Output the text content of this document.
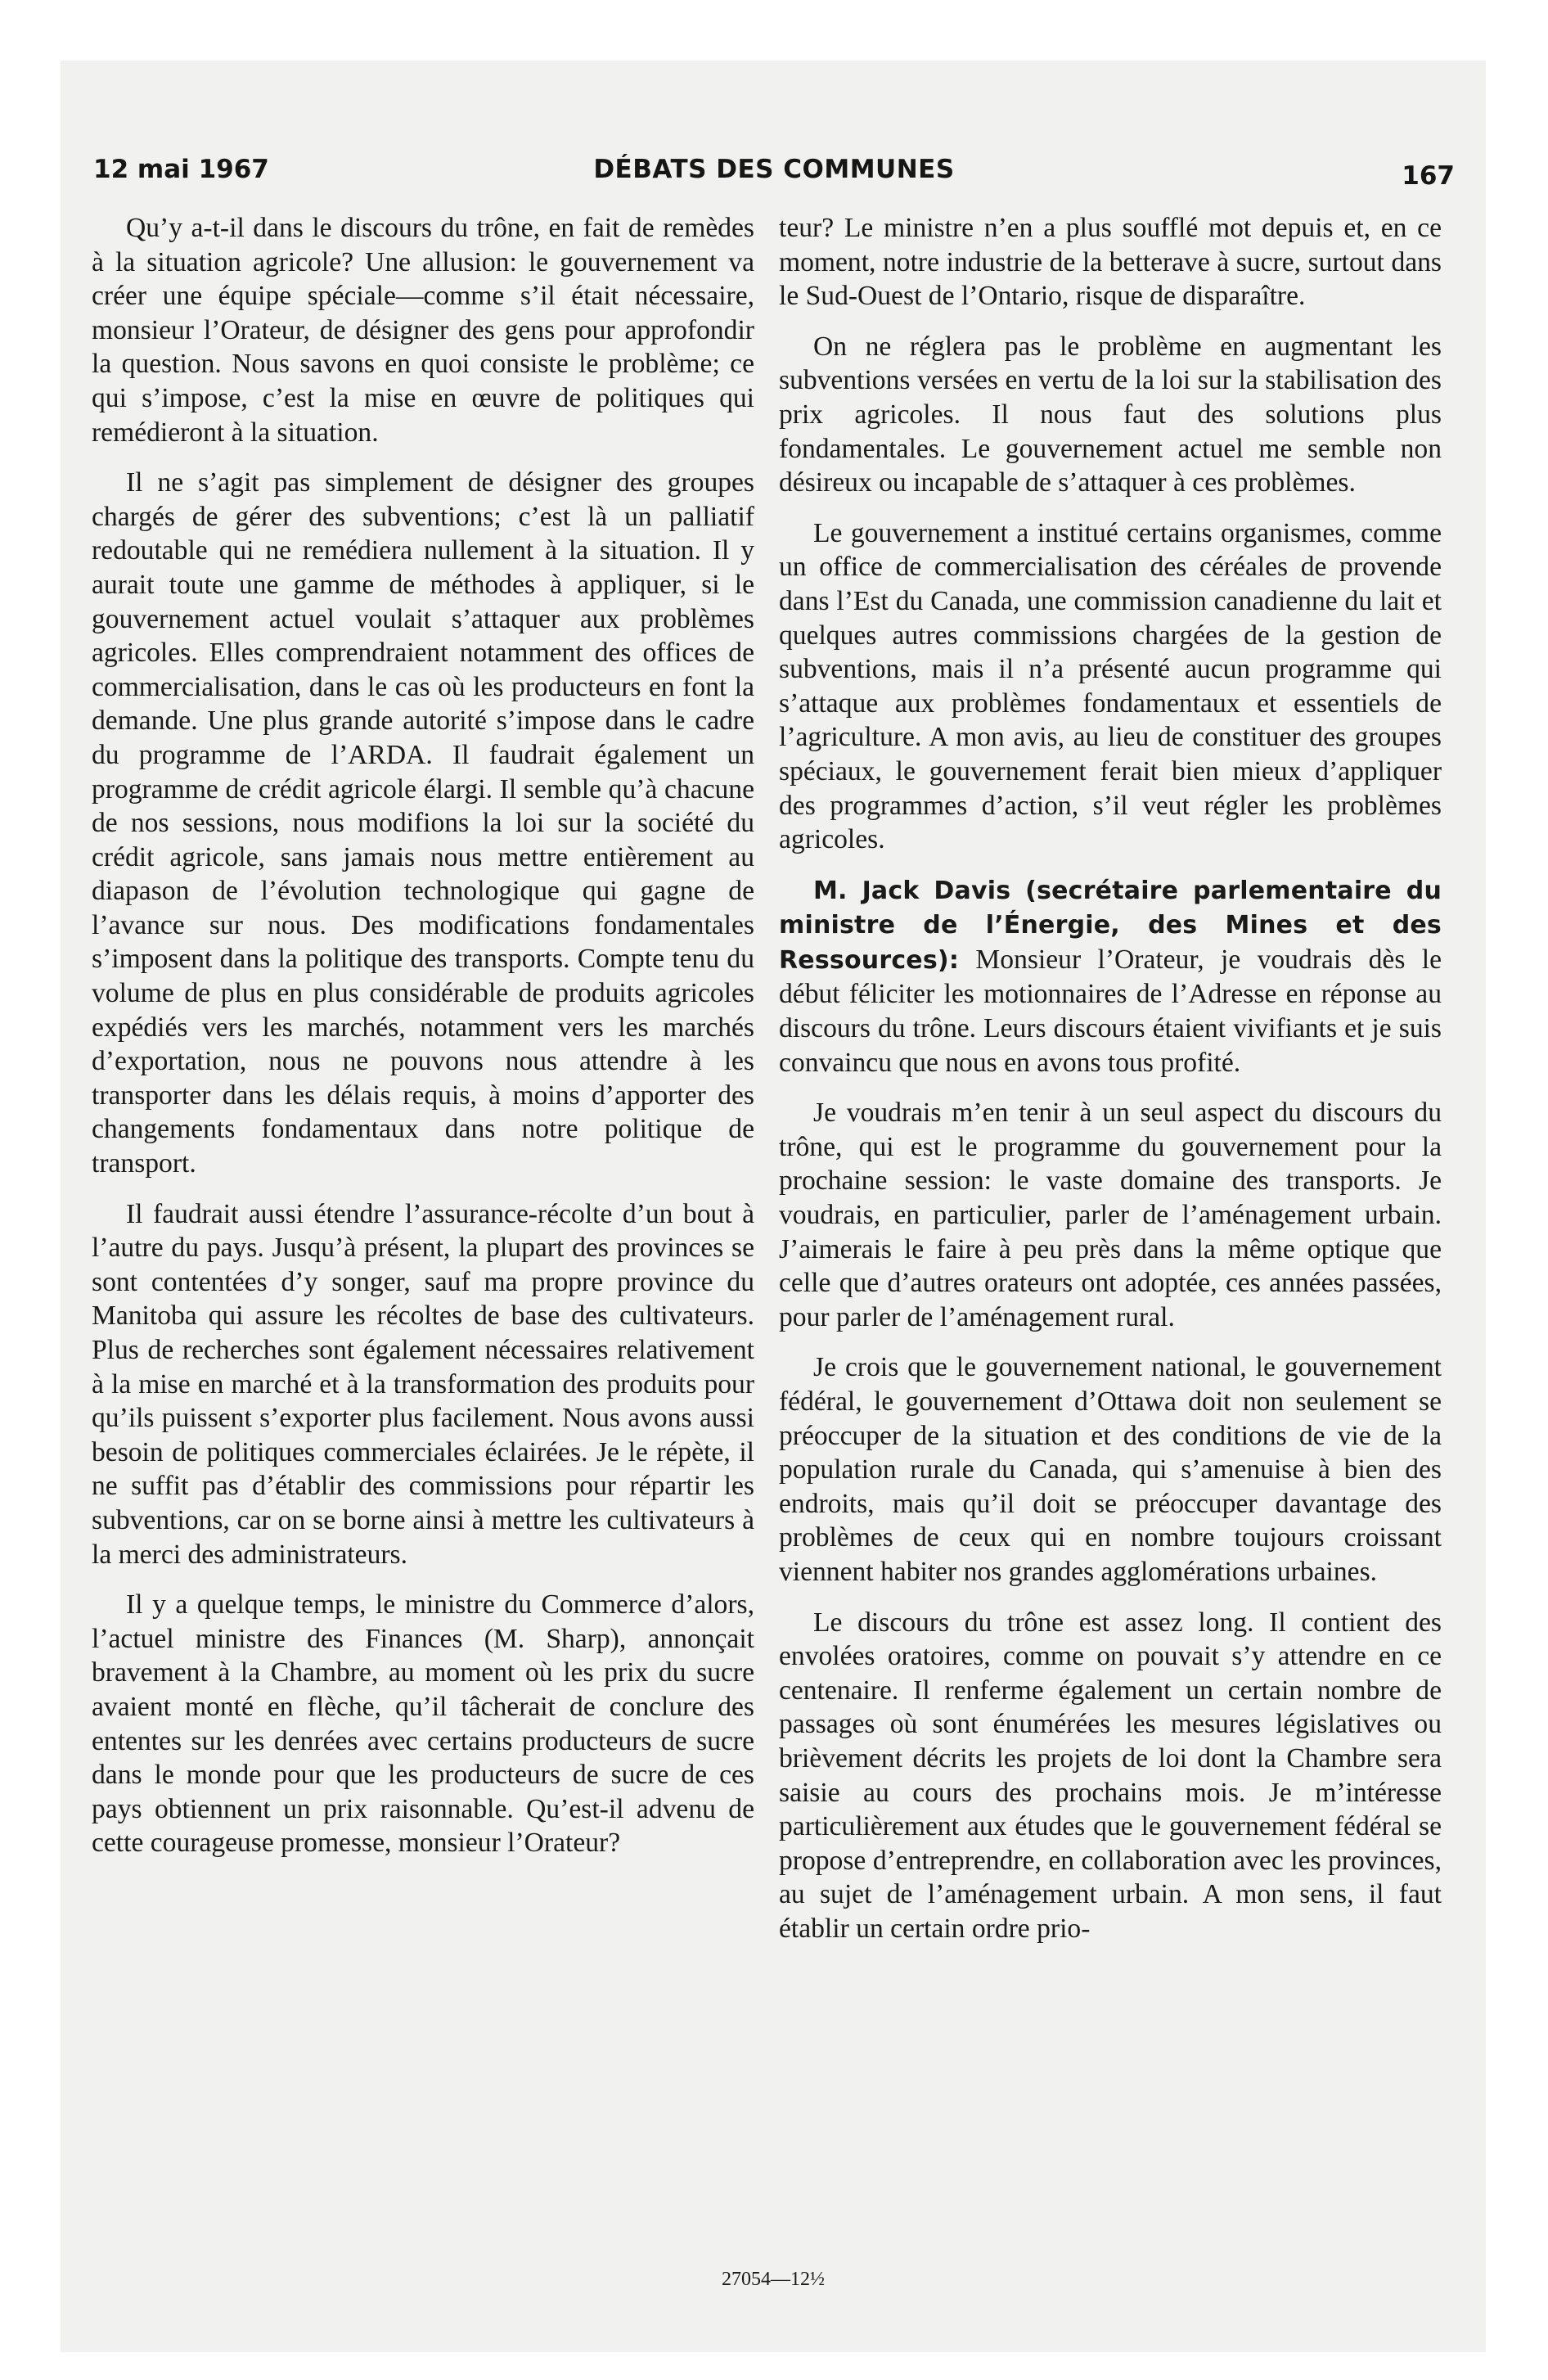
12 mai 1967	DÉBATS DES COMMUNES	167

Qu’y a-t-il dans le discours du trône, en fait de remèdes à la situation agricole? Une allusion: le gouvernement va créer une équipe spéciale—comme s’il était nécessaire, monsieur l’Orateur, de désigner des gens pour approfondir la question. Nous savons en quoi consiste le problème; ce qui s’impose, c’est la mise en œuvre de politiques qui remédieront à la situation.

Il ne s’agit pas simplement de désigner des groupes chargés de gérer des subventions; c’est là un palliatif redoutable qui ne remédiera nullement à la situation. Il y aurait toute une gamme de méthodes à appliquer, si le gouvernement actuel voulait s’attaquer aux problèmes agricoles. Elles comprendraient notamment des offices de commercialisation, dans le cas où les producteurs en font la demande. Une plus grande autorité s’impose dans le cadre du programme de l’ARDA. Il faudrait également un programme de crédit agricole élargi. Il semble qu’à chacune de nos sessions, nous modifions la loi sur la société du crédit agricole, sans jamais nous mettre entièrement au diapason de l’évolution technologique qui gagne de l’avance sur nous. Des modifications fondamentales s’imposent dans la politique des transports. Compte tenu du volume de plus en plus considérable de produits agricoles expédiés vers les marchés, notamment vers les marchés d’exportation, nous ne pouvons nous attendre à les transporter dans les délais requis, à moins d’apporter des changements fondamentaux dans notre politique de transport.

Il faudrait aussi étendre l’assurance-récolte d’un bout à l’autre du pays. Jusqu’à présent, la plupart des provinces se sont contentées d’y songer, sauf ma propre province du Manitoba qui assure les récoltes de base des cultivateurs. Plus de recherches sont également nécessaires relativement à la mise en marché et à la transformation des produits pour qu’ils puissent s’exporter plus facilement. Nous avons aussi besoin de politiques commerciales éclairées. Je le répète, il ne suffit pas d’établir des commissions pour répartir les subventions, car on se borne ainsi à mettre les cultivateurs à la merci des administrateurs.

Il y a quelque temps, le ministre du Commerce d’alors, l’actuel ministre des Finances (M. Sharp), annonçait bravement à la Chambre, au moment où les prix du sucre avaient monté en flèche, qu’il tâcherait de conclure des ententes sur les denrées avec certains producteurs de sucre dans le monde pour que les producteurs de sucre de ces pays obtiennent un prix raisonnable. Qu’est-il advenu de cette courageuse promesse, monsieur l’Orateur?

teur? Le ministre n’en a plus soufflé mot depuis et, en ce moment, notre industrie de la betterave à sucre, surtout dans le Sud-Ouest de l’Ontario, risque de disparaître.

On ne réglera pas le problème en augmentant les subventions versées en vertu de la loi sur la stabilisation des prix agricoles. Il nous faut des solutions plus fondamentales. Le gouvernement actuel me semble non désireux ou incapable de s’attaquer à ces problèmes.

Le gouvernement a institué certains organismes, comme un office de commercialisation des céréales de provende dans l’Est du Canada, une commission canadienne du lait et quelques autres commissions chargées de la gestion de subventions, mais il n’a présenté aucun programme qui s’attaque aux problèmes fondamentaux et essentiels de l’agriculture. A mon avis, au lieu de constituer des groupes spéciaux, le gouvernement ferait bien mieux d’appliquer des programmes d’action, s’il veut régler les problèmes agricoles.

M. Jack Davis (secrétaire parlementaire du ministre de l’Énergie, des Mines et des Ressources): Monsieur l’Orateur, je voudrais dès le début féliciter les motionnaires de l’Adresse en réponse au discours du trône. Leurs discours étaient vivifiants et je suis convaincu que nous en avons tous profité.

Je voudrais m’en tenir à un seul aspect du discours du trône, qui est le programme du gouvernement pour la prochaine session: le vaste domaine des transports. Je voudrais, en particulier, parler de l’aménagement urbain. J’aimerais le faire à peu près dans la même optique que celle que d’autres orateurs ont adoptée, ces années passées, pour parler de l’aménagement rural.

Je crois que le gouvernement national, le gouvernement fédéral, le gouvernement d’Ottawa doit non seulement se préoccuper de la situation et des conditions de vie de la population rurale du Canada, qui s’amenuise à bien des endroits, mais qu’il doit se préoccuper davantage des problèmes de ceux qui en nombre toujours croissant viennent habiter nos grandes agglomérations urbaines.

Le discours du trône est assez long. Il contient des envolées oratoires, comme on pouvait s’y attendre en ce centenaire. Il renferme également un certain nombre de passages où sont énumérées les mesures législatives ou brièvement décrits les projets de loi dont la Chambre sera saisie au cours des prochains mois. Je m’intéresse particulièrement aux études que le gouvernement fédéral se propose d’entreprendre, en collaboration avec les provinces, au sujet de l’aménagement urbain. A mon sens, il faut établir un certain ordre prio-

27054—12½
